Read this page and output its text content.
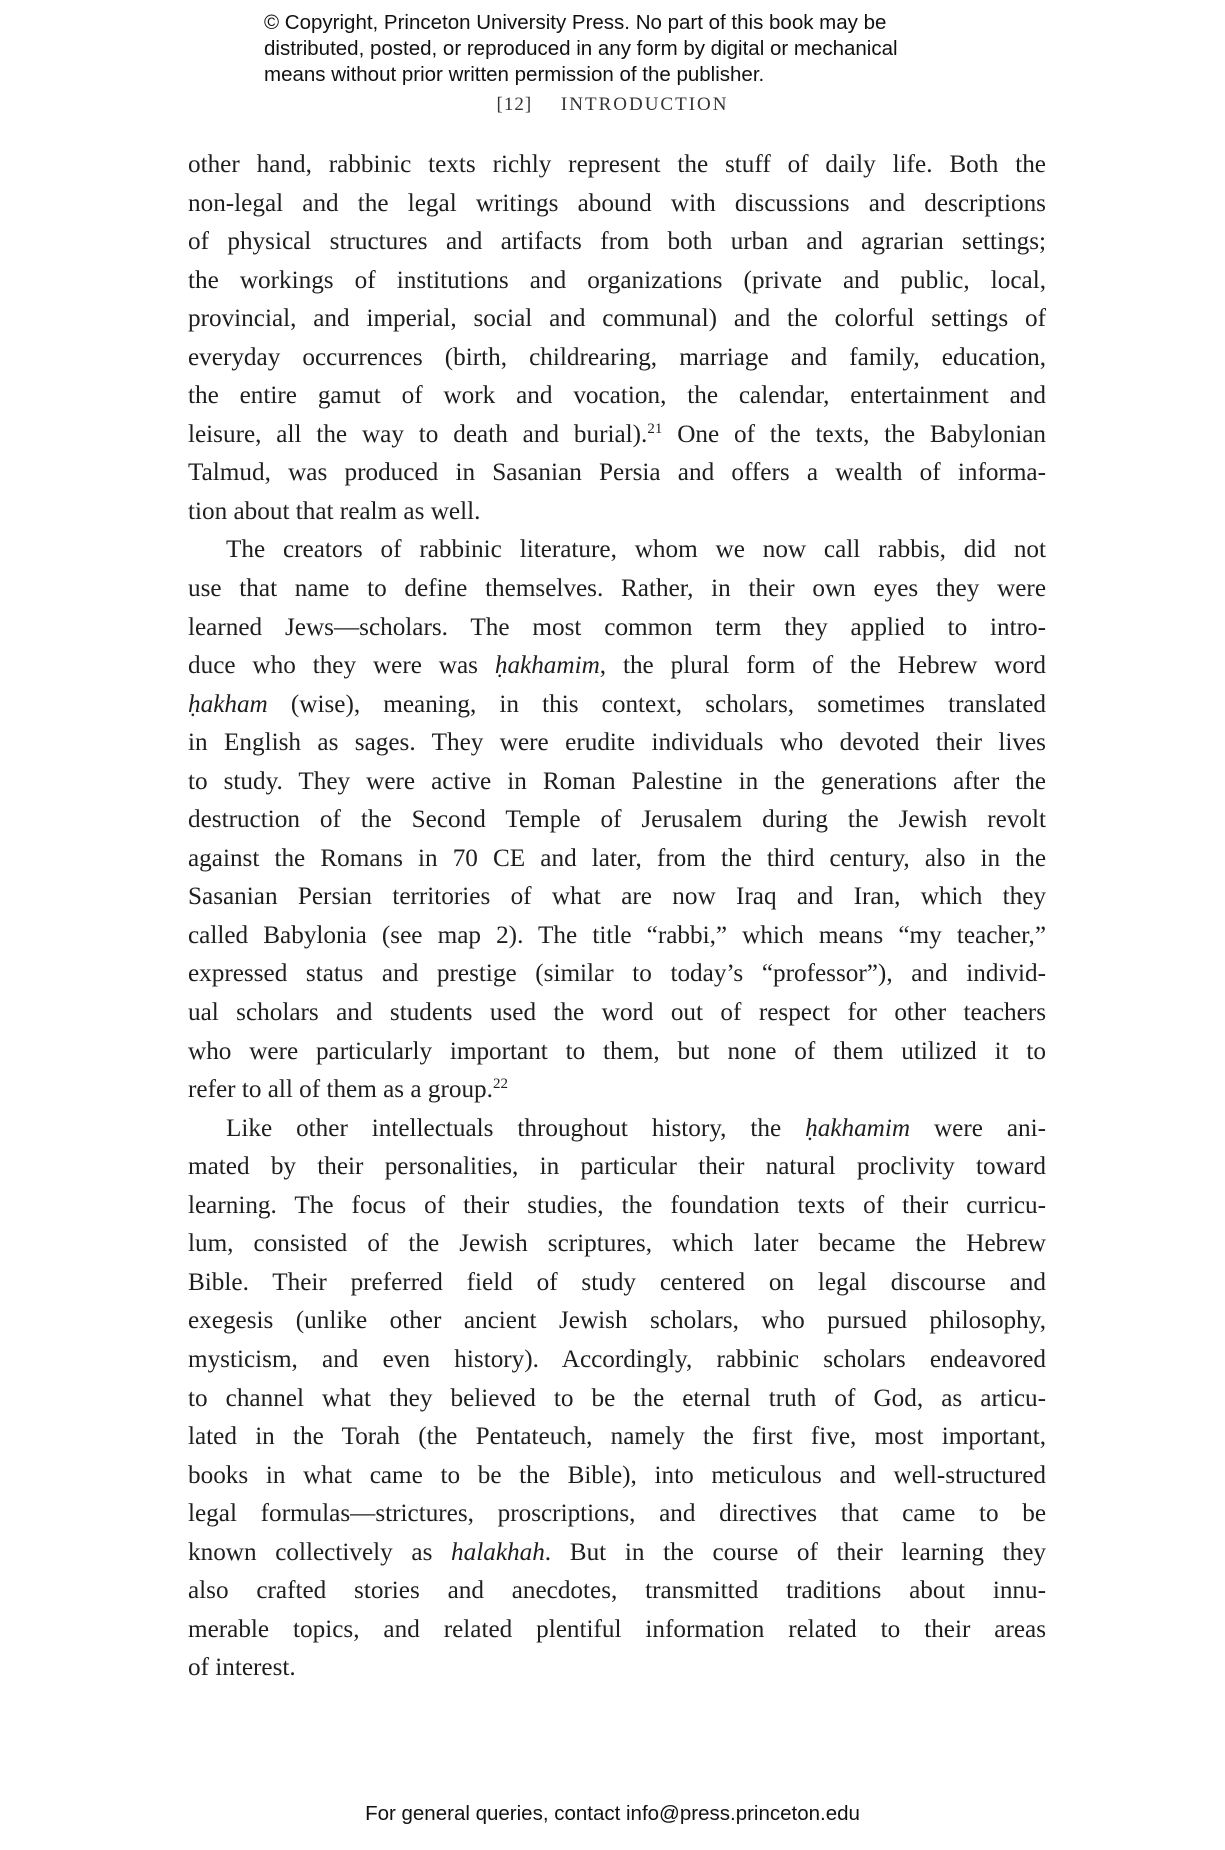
© Copyright, Princeton University Press. No part of this book may be
distributed, posted, or reproduced in any form by digital or mechanical
means without prior written permission of the publisher.
[12] INTRODUCTION
other hand, rabbinic texts richly represent the stuff of daily life. Both the
non-legal and the legal writings abound with discussions and descriptions
of physical structures and artifacts from both urban and agrarian settings;
the workings of institutions and organizations (private and public, local,
provincial, and imperial, social and communal) and the colorful settings of
everyday occurrences (birth, childrearing, marriage and family, education,
the entire gamut of work and vocation, the calendar, entertainment and
leisure, all the way to death and burial).$^{21}$ One of the texts, the Babylonian
Talmud, was produced in Sasanian Persia and offers a wealth of informa-
tion about that realm as well.
The creators of rabbinic literature, whom we now call rabbis, did not
use that name to define themselves. Rather, in their own eyes they were
learned Jews—scholars. The most common term they applied to intro-
duce who they were was ḥakhamim, the plural form of the Hebrew word
ḥakham (wise), meaning, in this context, scholars, sometimes translated
in English as sages. They were erudite individuals who devoted their lives
to study. They were active in Roman Palestine in the generations after the
destruction of the Second Temple of Jerusalem during the Jewish revolt
against the Romans in 70 CE and later, from the third century, also in the
Sasanian Persian territories of what are now Iraq and Iran, which they
called Babylonia (see map 2). The title “rabbi,” which means “my teacher,”
expressed status and prestige (similar to today’s “professor”), and individ-
ual scholars and students used the word out of respect for other teachers
who were particularly important to them, but none of them utilized it to
refer to all of them as a group.$^{22}$
Like other intellectuals throughout history, the ḥakhamim were ani-
mated by their personalities, in particular their natural proclivity toward
learning. The focus of their studies, the foundation texts of their curricu-
lum, consisted of the Jewish scriptures, which later became the Hebrew
Bible. Their preferred field of study centered on legal discourse and
exegesis (unlike other ancient Jewish scholars, who pursued philosophy,
mysticism, and even history). Accordingly, rabbinic scholars endeavored
to channel what they believed to be the eternal truth of God, as articu-
lated in the Torah (the Pentateuch, namely the first five, most important,
books in what came to be the Bible), into meticulous and well-structured
legal formulas—strictures, proscriptions, and directives that came to be
known collectively as halakhah. But in the course of their learning they
also crafted stories and anecdotes, transmitted traditions about innu-
merable topics, and related plentiful information related to their areas
of interest.
For general queries, contact info@press.princeton.edu
